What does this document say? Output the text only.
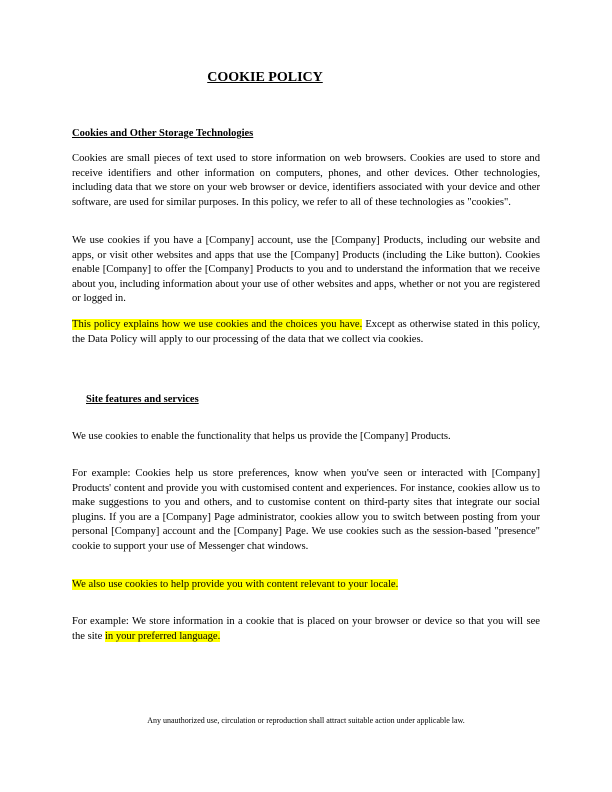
COOKIE POLICY
Cookies and Other Storage Technologies

Cookies are small pieces of text used to store information on web browsers. Cookies are used to store and receive identifiers and other information on computers, phones, and other devices. Other technologies, including data that we store on your web browser or device, identifiers associated with your device and other software, are used for similar purposes. In this policy, we refer to all of these technologies as "cookies".

We use cookies if you have a [Company] account, use the [Company] Products, including our website and apps, or visit other websites and apps that use the [Company] Products (including the Like button). Cookies enable [Company] to offer the [Company] Products to you and to understand the information that we receive about you, including information about your use of other websites and apps, whether or not you are registered or logged in.

This policy explains how we use cookies and the choices you have. Except as otherwise stated in this policy, the Data Policy will apply to our processing of the data that we collect via cookies.

Site features and services

We use cookies to enable the functionality that helps us provide the [Company] Products.

For example: Cookies help us store preferences, know when you've seen or interacted with [Company] Products' content and provide you with customised content and experiences. For instance, cookies allow us to make suggestions to you and others, and to customise content on third-party sites that integrate our social plugins. If you are a [Company] Page administrator, cookies allow you to switch between posting from your personal [Company] account and the [Company] Page. We use cookies such as the session-based "presence" cookie to support your use of Messenger chat windows.

We also use cookies to help provide you with content relevant to your locale.

For example: We store information in a cookie that is placed on your browser or device so that you will see the site in your preferred language.

Any unauthorized use, circulation or reproduction shall attract suitable action under applicable law.
